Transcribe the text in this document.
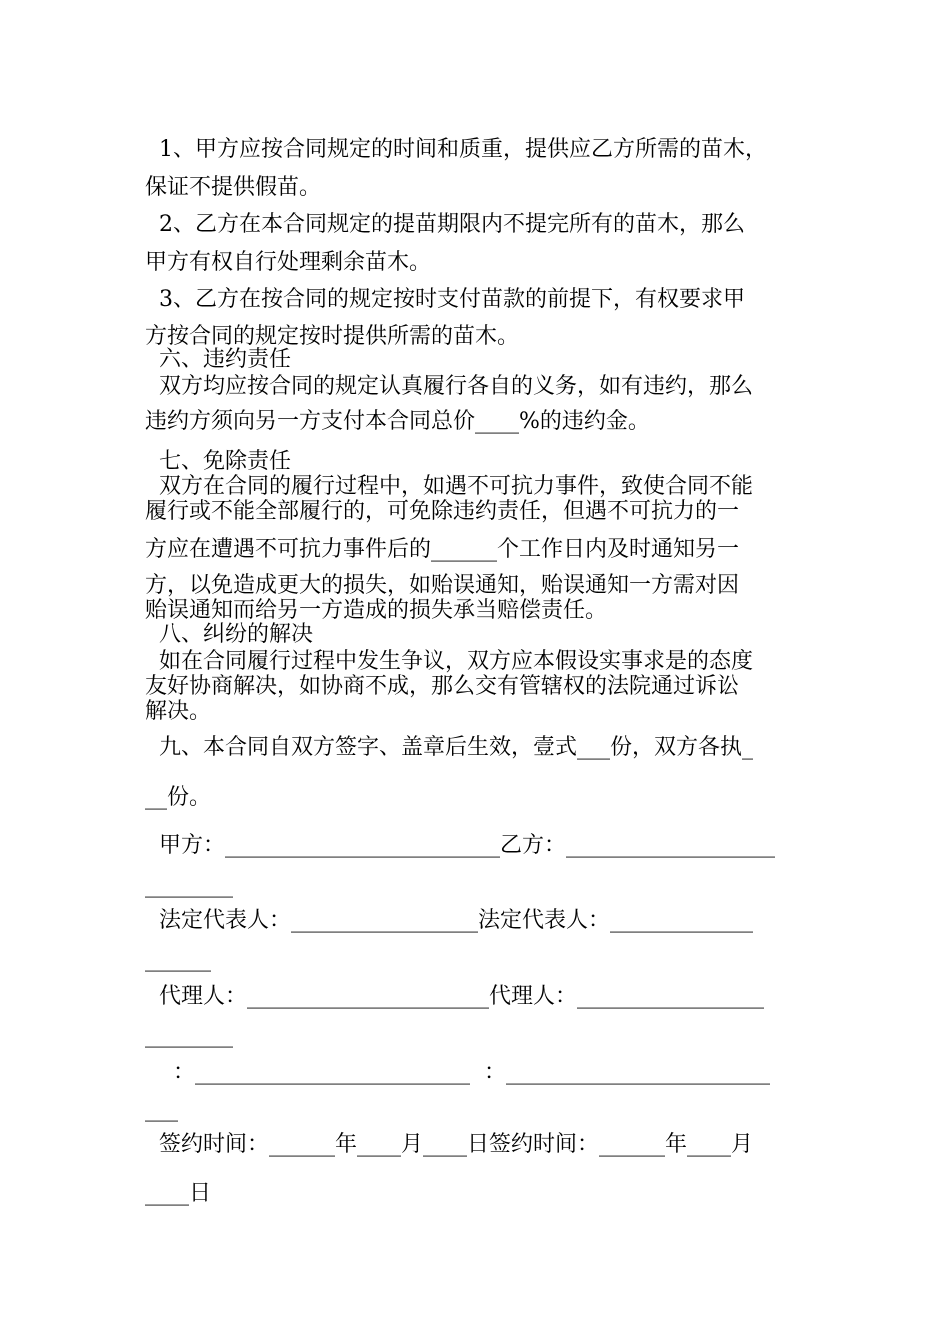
1、甲方应按合同规定的时间和质重，提供应乙方所需的苗木，
保证不提供假苗。
2、乙方在本合同规定的提苗期限内不提完所有的苗木，那么
甲方有权自行处理剩余苗木。
3、乙方在按合同的规定按时支付苗款的前提下，有权要求甲
方按合同的规定按时提供所需的苗木。
六、违约责任
双方均应按合同的规定认真履行各自的义务，如有违约，那么
违约方须向另一方支付本合同总价____%的违约金。
七、免除责任
双方在合同的履行过程中，如遇不可抗力事件，致使合同不能
履行或不能全部履行的，可免除违约责任，但遇不可抗力的一
方应在遭遇不可抗力事件后的______个工作日内及时通知另一
方，以免造成更大的损失，如贻误通知，贻误通知一方需对因
贻误通知而给另一方造成的损失承当赔偿责任。
八、纠纷的解决
如在合同履行过程中发生争议，双方应本假设实事求是的态度
友好协商解决，如协商不成，那么交有管辖权的法院通过诉讼
解决。
九、本合同自双方签字、盖章后生效，壹式___份，双方各执_
__份。
甲方：_________________________乙方：___________________
________
法定代表人：_________________法定代表人：_____________
______
代理人：______________________代理人：_________________
________
：_________________________  ：________________________
___
签约时间：______年____月____日签约时间：______年____月
____日
